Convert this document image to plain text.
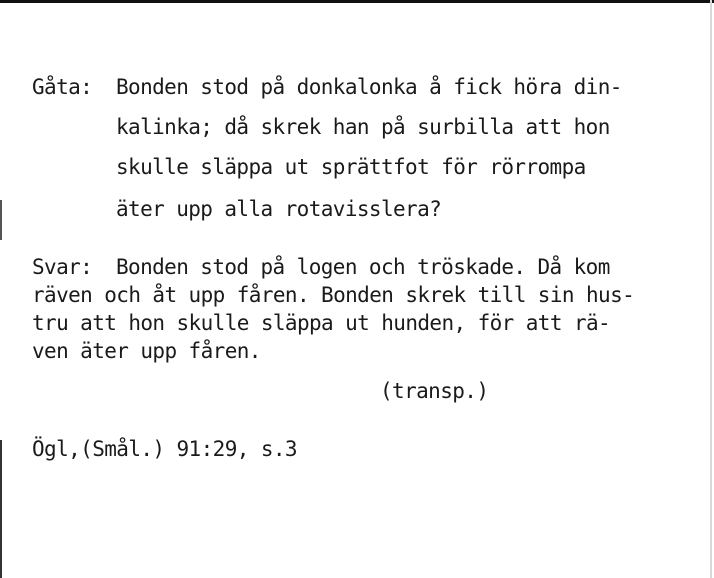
Gåta: Bonden stod på donkalonka å fick höra din-
kalinka; då skrek han på surbilla att hon
skulle släppa ut sprättfot för rörrompa
äter upp alla rotavisslera?
Svar: Bonden stod på logen och tröskade. Då kom
räven och åt upp fåren. Bonden skrek till sin hus-
tru att hon skulle släppa ut hunden, för att rä-
ven äter upp fåren.
(transp.)
Ögl,(Smål.) 91:29, s.3
